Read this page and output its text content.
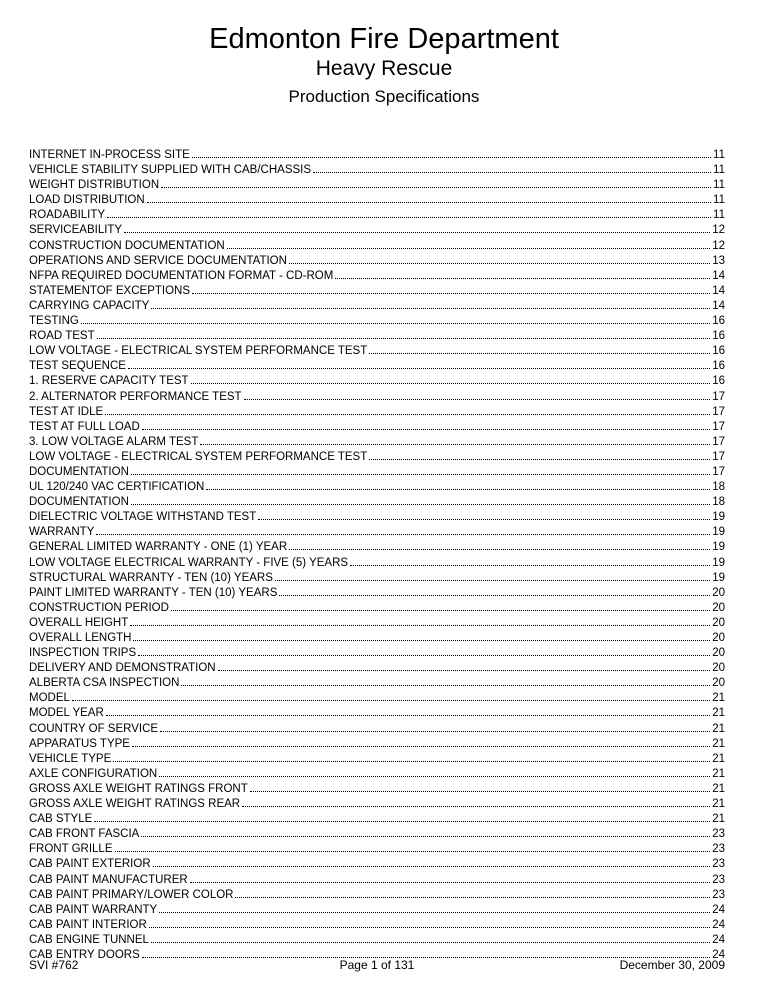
Edmonton Fire Department
Heavy Rescue
Production Specifications
INTERNET IN-PROCESS SITE	11
VEHICLE STABILITY SUPPLIED WITH CAB/CHASSIS	11
WEIGHT DISTRIBUTION	11
LOAD DISTRIBUTION	11
ROADABILITY	11
SERVICEABILITY	12
CONSTRUCTION DOCUMENTATION	12
OPERATIONS AND SERVICE DOCUMENTATION	13
NFPA REQUIRED DOCUMENTATION FORMAT - CD-ROM	14
STATEMENTOF EXCEPTIONS	14
CARRYING CAPACITY	14
TESTING	16
ROAD TEST	16
LOW VOLTAGE - ELECTRICAL SYSTEM PERFORMANCE TEST	16
TEST SEQUENCE	16
1. RESERVE CAPACITY TEST	16
2. ALTERNATOR PERFORMANCE TEST	17
TEST AT IDLE	17
TEST AT FULL LOAD	17
3. LOW VOLTAGE ALARM TEST	17
LOW VOLTAGE - ELECTRICAL SYSTEM PERFORMANCE TEST	17
DOCUMENTATION	17
UL 120/240 VAC CERTIFICATION	18
DOCUMENTATION	18
DIELECTRIC VOLTAGE WITHSTAND TEST	19
WARRANTY	19
GENERAL LIMITED WARRANTY - ONE (1) YEAR	19
LOW VOLTAGE ELECTRICAL WARRANTY - FIVE (5) YEARS	19
STRUCTURAL WARRANTY - TEN (10) YEARS	19
PAINT LIMITED WARRANTY - TEN (10) YEARS	20
CONSTRUCTION PERIOD	20
OVERALL HEIGHT	20
OVERALL LENGTH	20
INSPECTION TRIPS	20
DELIVERY AND DEMONSTRATION	20
ALBERTA CSA INSPECTION	20
MODEL	21
MODEL YEAR	21
COUNTRY OF SERVICE	21
APPARATUS TYPE	21
VEHICLE TYPE	21
AXLE CONFIGURATION	21
GROSS AXLE WEIGHT RATINGS FRONT	21
GROSS AXLE WEIGHT RATINGS REAR	21
CAB STYLE	21
CAB FRONT FASCIA	23
FRONT GRILLE	23
CAB PAINT EXTERIOR	23
CAB PAINT MANUFACTURER	23
CAB PAINT PRIMARY/LOWER COLOR	23
CAB PAINT WARRANTY	24
CAB PAINT INTERIOR	24
CAB ENGINE TUNNEL	24
CAB ENTRY DOORS	24
SVI #762	Page 1 of 131	December 30, 2009
